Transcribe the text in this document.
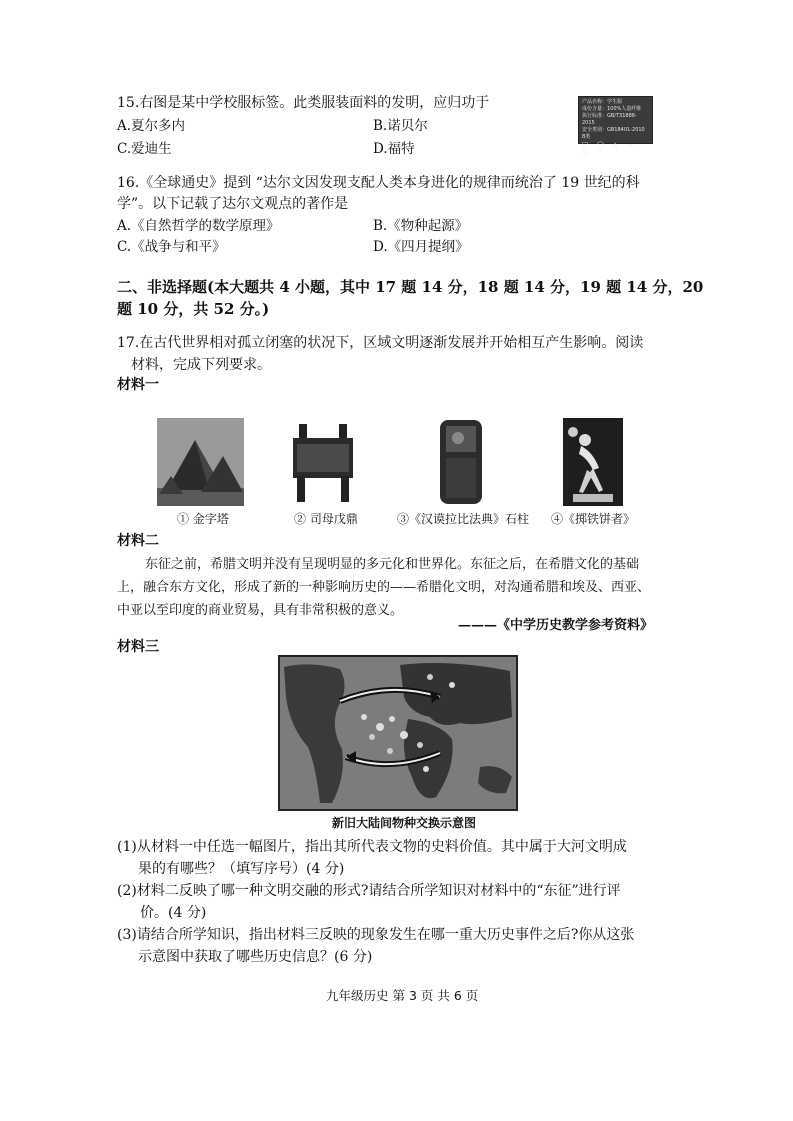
15.右图是某中学校服标签。此类服装面料的发明，应归功于
A.夏尔多内	B.诺贝尔
C.爱迪生	D.福特
产品名称：学生服
成份含量：100%人造纤维
执行标准：GB/T31888-2015
安全类别：GB18401-2010 B类
☐ ◯ △ ▭ ◻
16.《全球通史》提到 “达尔文因发现支配人类本身进化的规律而统治了 19 世纪的科
学”。以下记载了达尔文观点的著作是
A.《自然哲学的数学原理》	B.《物种起源》
C.《战争与和平》	D.《四月提纲》
二、非选择题(本大题共 4 小题，其中 17 题 14 分，18 题 14 分，19 题 14 分，20
题 10 分，共 52 分。)
17.在古代世界相对孤立闭塞的状况下，区域文明逐渐发展并开始相互产生影响。阅读
材料，完成下列要求。
材料一
① 金字塔	② 司母戊鼎	③《汉谟拉比法典》石柱 ④《掷铁饼者》
材料二
东征之前，希腊文明并没有呈现明显的多元化和世界化。东征之后，在希腊文化的基础
上，融合东方文化，形成了新的一种影响历史的——希腊化文明，对沟通希腊和埃及、西亚、
中亚以至印度的商业贸易，具有非常积极的意义。
———《中学历史教学参考资料》
材料三
新旧大陆间物种交换示意图
(1)从材料一中任选一幅图片，指出其所代表文物的史料价值。其中属于大河文明成
果的有哪些？（填写序号）(4 分)
(2)材料二反映了哪一种文明交融的形式?请结合所学知识对材料中的“东征”进行评
价。(4 分)
(3)请结合所学知识，指出材料三反映的现象发生在哪一重大历史事件之后?你从这张
示意图中获取了哪些历史信息？(6 分)
九年级历史 第 3 页 共 6 页
